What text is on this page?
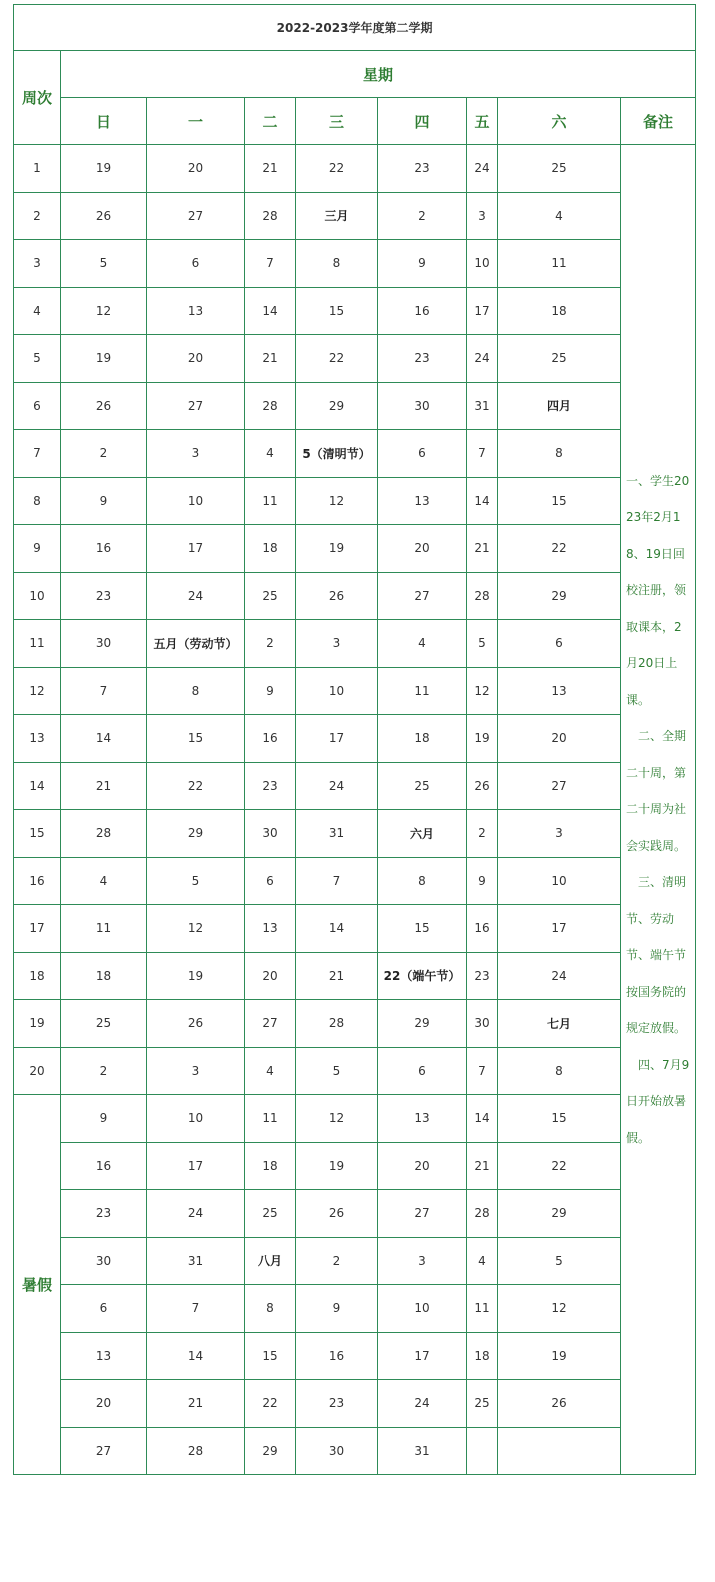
2022-2023学年度第二学期								
周次	星期							
	日	一	二	三	四	五	六	备注
1	19	20	21	22	23	24	25	一、学生2023年2月18、19日回校注册，领取课本，2月20日上课。

二、全期二十周，第二十周为社会实践周。

三、清明节、劳动节、端午节按国务院的规定放假。

四、7月9日开始放暑假。

2	26	27	28	三月	2	3	4	
3	5	6	7	8	9	10	11	
4	12	13	14	15	16	17	18	
5	19	20	21	22	23	24	25	
6	26	27	28	29	30	31	四月	
7	2	3	4	5（清明节）	6	7	8	
8	9	10	11	12	13	14	15	
9	16	17	18	19	20	21	22	
10	23	24	25	26	27	28	29	
11	30	五月（劳动节）	2	3	4	5	6	
12	7	8	9	10	11	12	13	
13	14	15	16	17	18	19	20	
14	21	22	23	24	25	26	27	
15	28	29	30	31	六月	2	3	
16	4	5	6	7	8	9	10	
17	11	12	13	14	15	16	17	
18	18	19	20	21	22（端午节）	23	24	
19	25	26	27	28	29	30	七月	
20	2	3	4	5	6	7	8	
暑假	9	10	11	12	13	14	15	
	16	17	18	19	20	21	22	
	23	24	25	26	27	28	29	
	30	31	八月	2	3	4	5	
	6	7	8	9	10	11	12	
	13	14	15	16	17	18	19	
	20	21	22	23	24	25	26	
	27	28	29	30	31			
